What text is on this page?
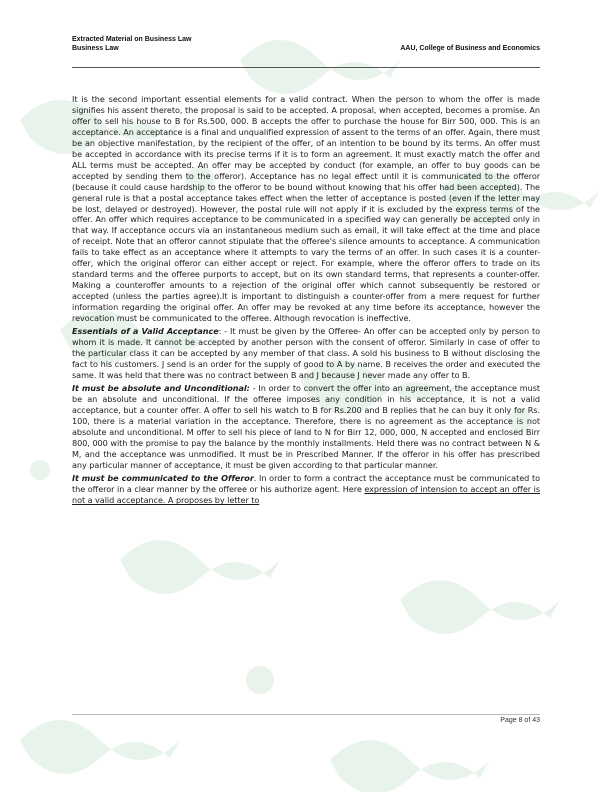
Extracted Material on Business Law
Business Law	AAU, College of Business and Economics

It is the second important essential elements for a valid contract. When the person to whom the offer is made signifies his assent thereto, the proposal is said to be accepted. A proposal, when accepted, becomes a promise. An offer to sell his house to B for Rs.500, 000. B accepts the offer to purchase the house for Birr 500, 000. This is an acceptance. An acceptance is a final and unqualified expression of assent to the terms of an offer. Again, there must be an objective manifestation, by the recipient of the offer, of an intention to be bound by its terms. An offer must be accepted in accordance with its precise terms if it is to form an agreement. It must exactly match the offer and ALL terms must be accepted. An offer may be accepted by conduct (for example, an offer to buy goods can be accepted by sending them to the offeror). Acceptance has no legal effect until it is communicated to the offeror (because it could cause hardship to the offeror to be bound without knowing that his offer had been accepted). The general rule is that a postal acceptance takes effect when the letter of acceptance is posted (even if the letter may be lost, delayed or destroyed). However, the postal rule will not apply if it is excluded by the express terms of the offer. An offer which requires acceptance to be communicated in a specified way can generally be accepted only in that way. If acceptance occurs via an instantaneous medium such as email, it will take effect at the time and place of receipt. Note that an offeror cannot stipulate that the offeree's silence amounts to acceptance. A communication fails to take effect as an acceptance where it attempts to vary the terms of an offer. In such cases it is a counter-offer, which the original offeror can either accept or reject. For example, where the offeror offers to trade on its standard terms and the offeree purports to accept, but on its own standard terms, that represents a counter-offer. Making a counteroffer amounts to a rejection of the original offer which cannot subsequently be restored or accepted (unless the parties agree).It is important to distinguish a counter-offer from a mere request for further information regarding the original offer. An offer may be revoked at any time before its acceptance, however the revocation must be communicated to the offeree. Although revocation is ineffective.

Essentials of a Valid Acceptance: - It must be given by the Offeree- An offer can be accepted only by person to whom it is made. It cannot be accepted by another person with the consent of offeror. Similarly in case of offer to the particular class it can be accepted by any member of that class. A sold his business to B without disclosing the fact to his customers. J send is an order for the supply of good to A by name. B receives the order and executed the same. It was held that there was no contract between B and J because J never made any offer to B.

It must be absolute and Unconditional: - In order to convert the offer into an agreement, the acceptance must be an absolute and unconditional. If the offeree imposes any condition in his acceptance, it is not a valid acceptance, but a counter offer. A offer to sell his watch to B for Rs.200 and B replies that he can buy it only for Rs. 100, there is a material variation in the acceptance. Therefore, there is no agreement as the acceptance is not absolute and unconditional. M offer to sell his piece of land to N for Birr 12, 000, 000, N accepted and enclosed Birr 800, 000 with the promise to pay the balance by the monthly installments. Held there was no contract between N & M, and the acceptance was unmodified. It must be in Prescribed Manner. If the offeror in his offer has prescribed any particular manner of acceptance, it must be given according to that particular manner.

It must be communicated to the Offeror. In order to form a contract the acceptance must be communicated to the offeror in a clear manner by the offeree or his authorize agent. Here expression of intension to accept an offer is not a valid acceptance. A proposes by letter to

Page 8 of 43
